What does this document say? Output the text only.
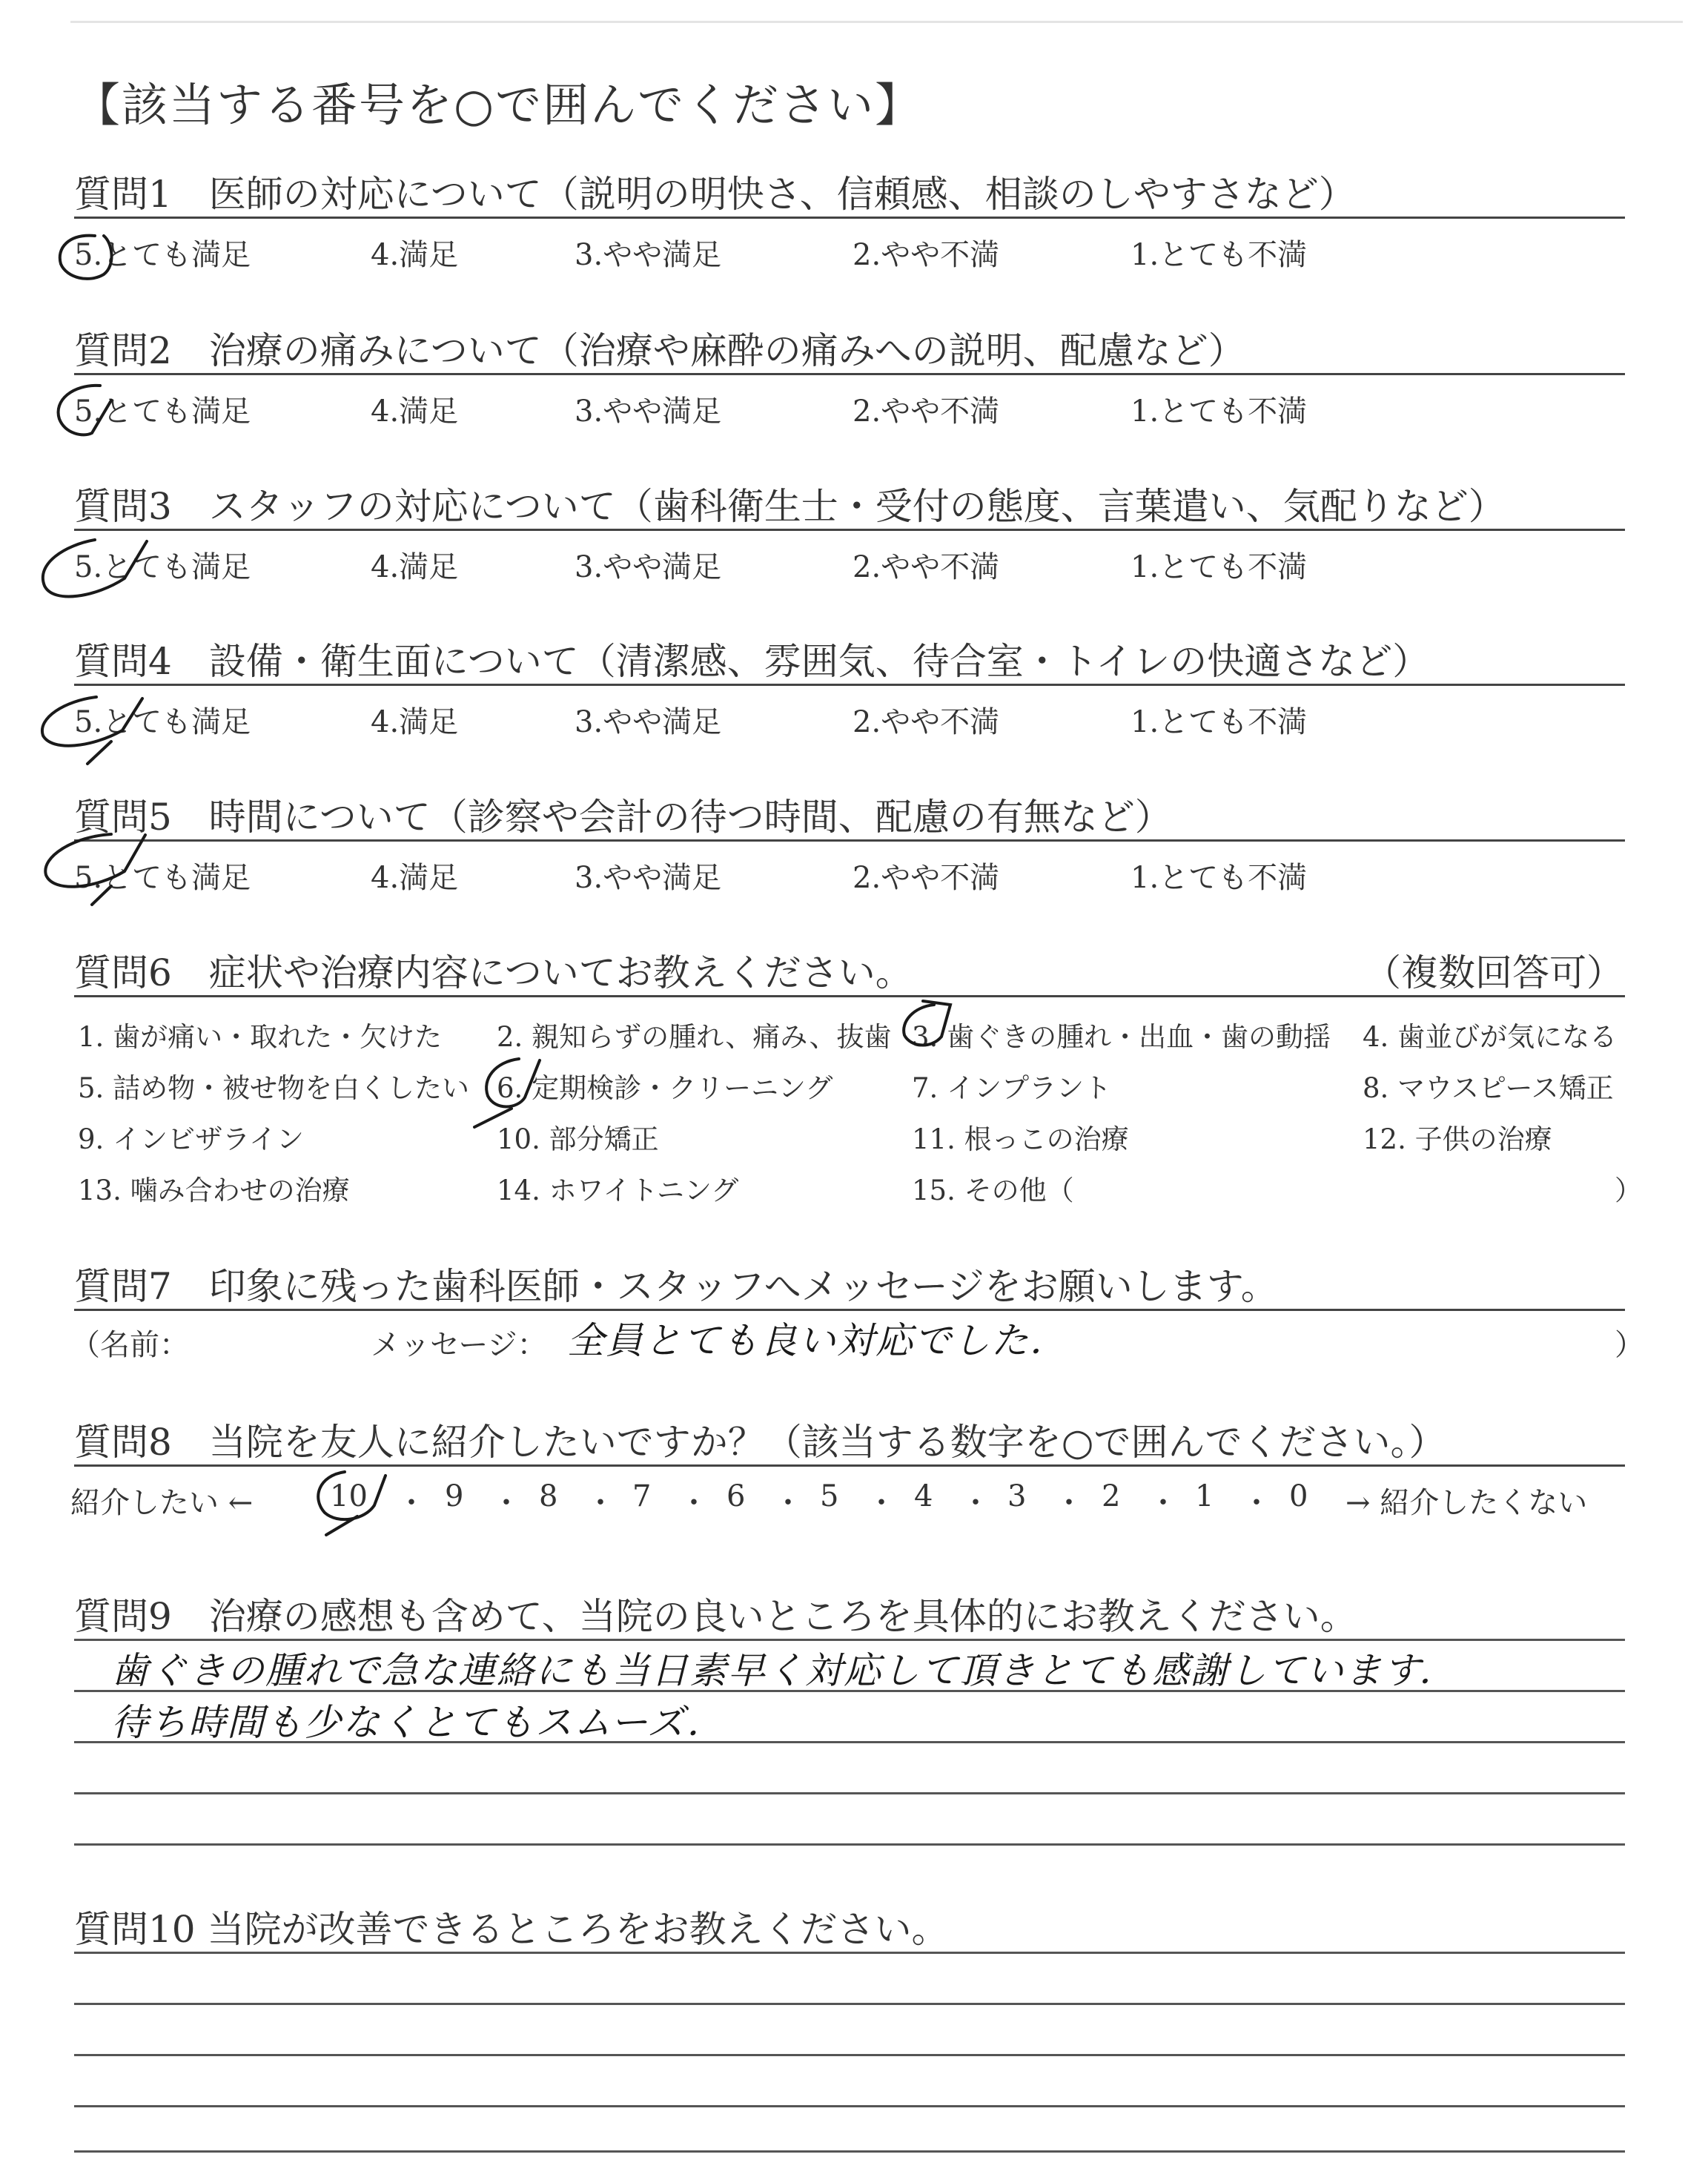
【該当する番号を○で囲んでください】
質問1　医師の対応について（説明の明快さ、信頼感、相談のしやすさなど）
5.とても満足	4.満足	3.やや満足	2.やや不満	1.とても不満
質問2　治療の痛みについて（治療や麻酔の痛みへの説明、配慮など）
5.とても満足	4.満足	3.やや満足	2.やや不満	1.とても不満
質問3　スタッフの対応について（歯科衛生士・受付の態度、言葉遣い、気配りなど）
5.とても満足	4.満足	3.やや満足	2.やや不満	1.とても不満
質問4　設備・衛生面について（清潔感、雰囲気、待合室・トイレの快適さなど）
5.とても満足	4.満足	3.やや満足	2.やや不満	1.とても不満
質問5　時間について（診察や会計の待つ時間、配慮の有無など）
5.とても満足	4.満足	3.やや満足	2.やや不満	1.とても不満
質問6　症状や治療内容についてお教えください。	（複数回答可）
1. 歯が痛い・取れた・欠けた 2. 親知らずの腫れ、痛み、抜歯 3. 歯ぐきの腫れ・出血・歯の動揺 4. 歯並びが気になる
5. 詰め物・被せ物を白くしたい 6. 定期検診・クリーニング	7. インプラント	8. マウスピース矯正
9. インビザライン	10. 部分矯正	11. 根っこの治療	12. 子供の治療
13. 噛み合わせの治療	14. ホワイトニング	15. その他（	）
質問7　印象に残った歯科医師・スタッフへメッセージをお願いします。
（名前：	メッセージ： 全員とても良い対応でした．	）
質問8　当院を友人に紹介したいですか？（該当する数字を○で囲んでください。）
紹介したい ←	10 ・ 9 ・ 8 ・ 7 ・ 6 ・ 5 ・ 4 ・ 3 ・ 2 ・ 1 ・ 0 → 紹介したくない
質問9　治療の感想も含めて、当院の良いところを具体的にお教えください。
歯ぐきの腫れで急な連絡にも当日素早く対応して頂きとても感謝しています．
待ち時間も少なくとてもスムーズ．
質問10 当院が改善できるところをお教えください。
